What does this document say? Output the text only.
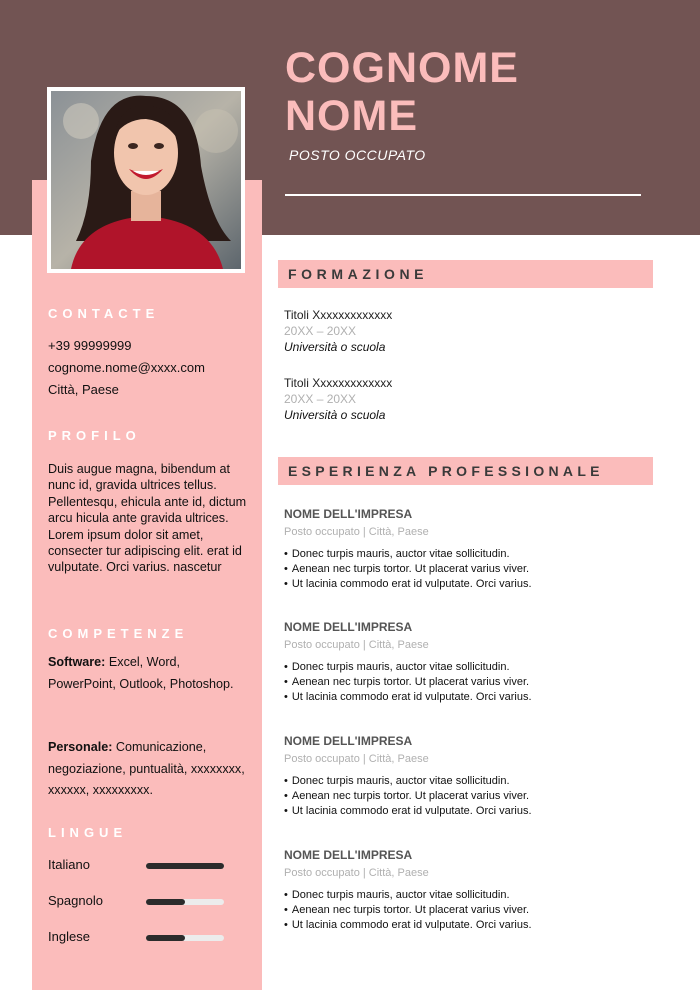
COGNOME
NOME
POSTO OCCUPATO
CONTACTE
+39 99999999
cognome.nome@xxxx.com
Città, Paese
PROFILO
Duis augue magna, bibendum at nunc id, gravida ultrices tellus. Pellentesqu, ehicula ante id, dictum arcu hicula ante gravida ultrices. Lorem ipsum dolor sit amet, consecter tur adipiscing elit. erat id vulputate. Orci varius. nascetur
COMPETENZE
Software: Excel, Word, PowerPoint, Outlook, Photoshop.
Personale: Comunicazione, negoziazione, puntualità, xxxxxxxx, xxxxxx, xxxxxxxxx.
LINGUE
Italiano
Spagnolo
Inglese
FORMAZIONE
Titoli Xxxxxxxxxxxxx
20XX – 20XX
Università o scuola
Titoli Xxxxxxxxxxxxx
20XX – 20XX
Università o scuola
ESPERIENZA PROFESSIONALE
NOME DELL'IMPRESA
Posto occupato | Città, Paese
• Donec turpis mauris, auctor vitae sollicitudin.
• Aenean nec turpis tortor. Ut placerat varius viver.
• Ut lacinia commodo erat id vulputate. Orci varius.
NOME DELL'IMPRESA
Posto occupato | Città, Paese
• Donec turpis mauris, auctor vitae sollicitudin.
• Aenean nec turpis tortor. Ut placerat varius viver.
• Ut lacinia commodo erat id vulputate. Orci varius.
NOME DELL'IMPRESA
Posto occupato | Città, Paese
• Donec turpis mauris, auctor vitae sollicitudin.
• Aenean nec turpis tortor. Ut placerat varius viver.
• Ut lacinia commodo erat id vulputate. Orci varius.
NOME DELL'IMPRESA
Posto occupato | Città, Paese
• Donec turpis mauris, auctor vitae sollicitudin.
• Aenean nec turpis tortor. Ut placerat varius viver.
• Ut lacinia commodo erat id vulputate. Orci varius.
